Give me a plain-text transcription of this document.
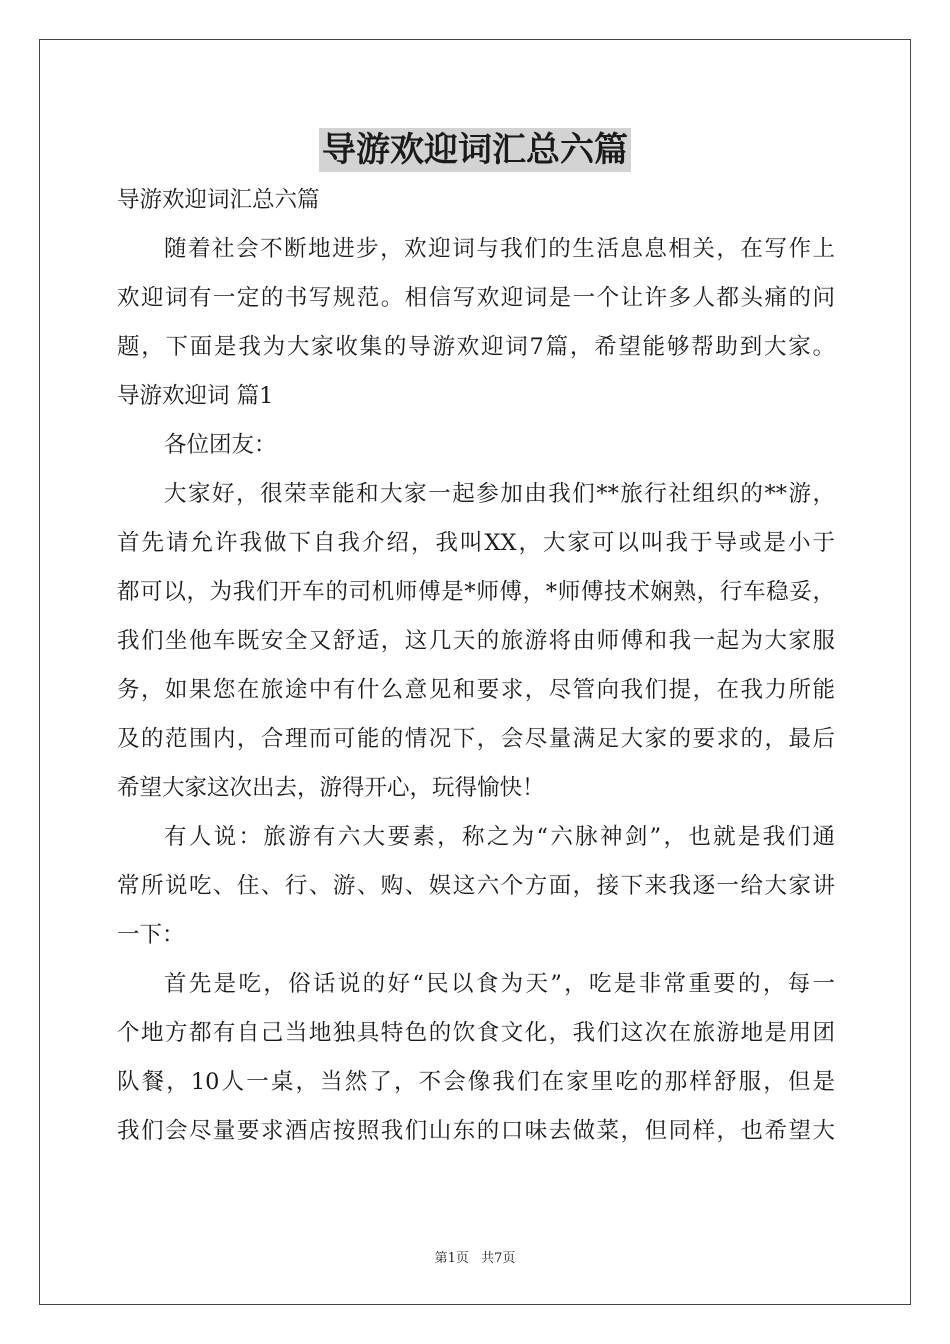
导游欢迎词汇总六篇
导游欢迎词汇总六篇
随着社会不断地进步，欢迎词与我们的生活息息相关，在写作上
欢迎词有一定的书写规范。相信写欢迎词是一个让许多人都头痛的问
题，下面是我为大家收集的导游欢迎词7篇，希望能够帮助到大家。
导游欢迎词 篇1
各位团友：
大家好，很荣幸能和大家一起参加由我们**旅行社组织的**游，
首先请允许我做下自我介绍，我叫XX，大家可以叫我于导或是小于
都可以，为我们开车的司机师傅是*师傅，*师傅技术娴熟，行车稳妥，
我们坐他车既安全又舒适，这几天的旅游将由师傅和我一起为大家服
务，如果您在旅途中有什么意见和要求，尽管向我们提，在我力所能
及的范围内，合理而可能的情况下，会尽量满足大家的要求的，最后
希望大家这次出去，游得开心，玩得愉快！
有人说：旅游有六大要素，称之为“六脉神剑”，也就是我们通
常所说吃、住、行、游、购、娱这六个方面，接下来我逐一给大家讲
一下：
首先是吃，俗话说的好“民以食为天”，吃是非常重要的，每一
个地方都有自己当地独具特色的饮食文化，我们这次在旅游地是用团
队餐，10人一桌，当然了，不会像我们在家里吃的那样舒服，但是
我们会尽量要求酒店按照我们山东的口味去做菜，但同样，也希望大
第1页 共7页
